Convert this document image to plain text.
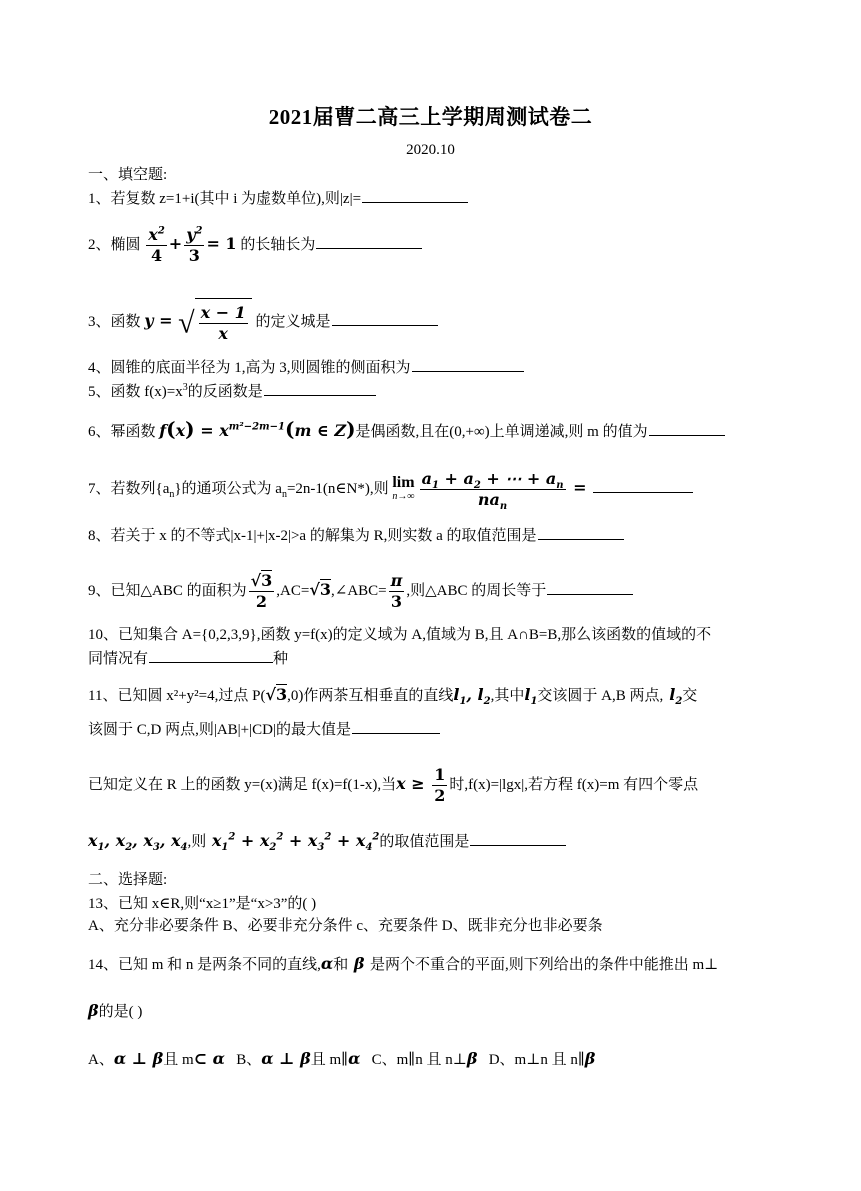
2021届曹二高三上学期周测试卷二
2020.10
一、填空题:
1、若复数 z=1+i(其中 i 为虚数单位),则|z|=
2、椭圆 $\frac{x^2}{4} + \frac{y^2}{3} = 1$ 的长轴长为
3、函数 y = √ $\frac{x - 1}{x}$ 的定义城是
4、圆锥的底面半径为 1,高为 3,则圆锥的侧面积为
5、函数 $f(x)=x^3$的反函数是
6、幂函数 $f(x) = x^{m^2-2m-1}(m$ ∈ Z)是偶函数,且在(0,+∞)上单调递减,则 m 的值为
7、若数列$\{a_n\}$的通项公式为 $a_n=2n-1(n\in N*)$,则 lim
$n\to\infty \frac{a_1 + a_2 + \cdots + a_n}{na_n}$ =
8、若关于 x 的不等式|x-1|+|x-2|>a 的解集为 R,则实数 a 的取值范围是
9、已知△ABC 的面积为 $\frac{√3}{2}$ ,AC=√3,∠ABC= $\frac{\pi}{3}$ ,则△ABC 的周长等于
10、已知集合 A={0,2,3,9},函数 y=f(x)的定义域为 A,值域为 B,且 A∩B=B,那么该函数的值域的不
同情况有	种
11、已知圆 x²+y²=4,过点 P(√3,0)作两茶互相垂直的直线$l_1$, $l_2$,其中$l_1$交该圆于 A,B 两点, $l_2$交
该圆于 C,D 两点,则|AB|+|CD|的最大值是
已知定义在 R 上的函数 y=(x)满足 f(x)=f(1-x),当$x \ge \frac{1}{2}$ 时,f(x)=|lgx|,若方程 f(x)=m 有四个零点
$x_1$, $x_2$, $x_3$, $x_4$,则 $x_1^2 + x_2^2 + x_3^2 + x_4^2$的取值范围是
二、选择题:
13、已知 x∈R,则“x≥1”是“x>3”的( )
A、充分非必要条件 B、必要非充分条件 c、充要条件 D、既非充分也非必要条
14、已知 m 和 n 是两条不同的直线,α和 β 是两个不重合的平面,则下列给出的条件中能推出 m⊥
β的是( )
A、α ⊥ β且 m⊂ α B、α ⊥ β且 m∥α C、m∥n 且 n⊥β D、m⊥n 且 n∥β
